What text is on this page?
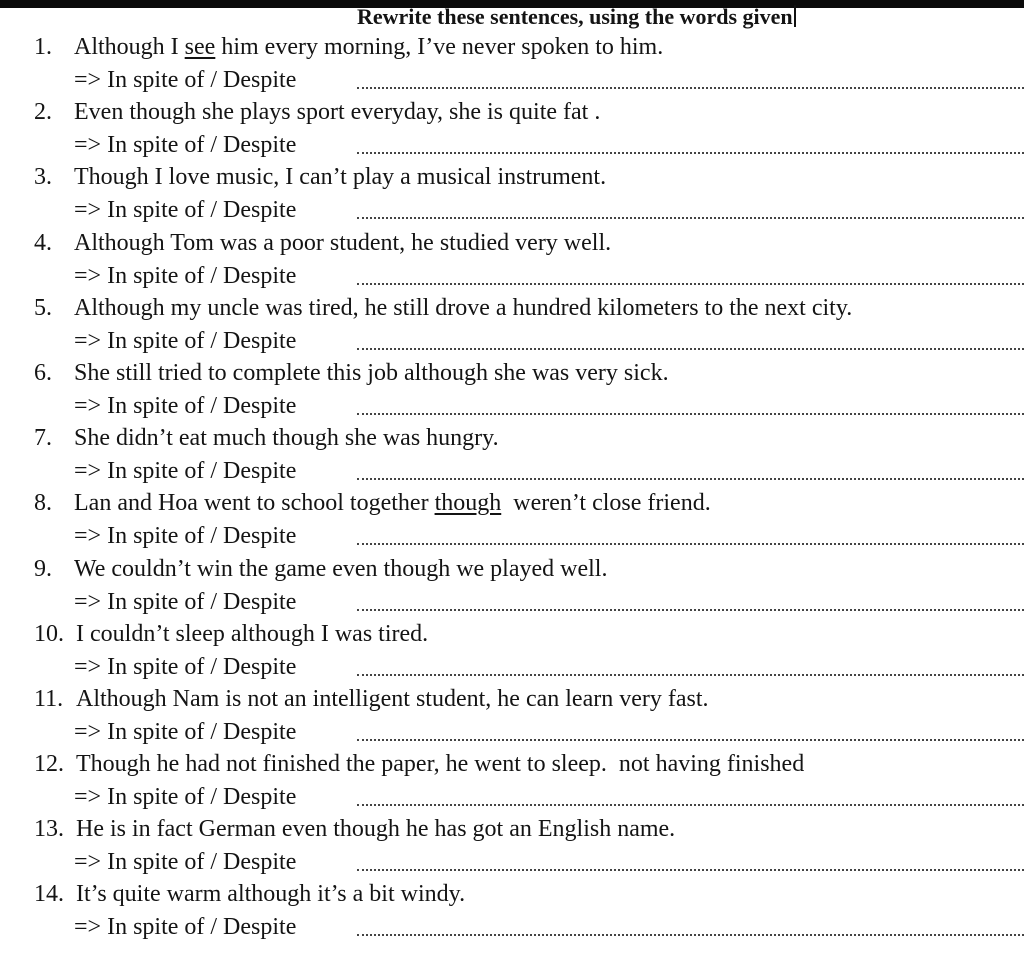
Rewrite these sentences, using the words given
1. Although I see him every morning, I’ve never spoken to him.
=> In spite of / Despite
2. Even though she plays sport everyday, she is quite fat .
=> In spite of / Despite
3. Though I love music, I can’t play a musical instrument.
=> In spite of / Despite
4. Although Tom was a poor student, he studied very well.
=> In spite of / Despite
5. Although my uncle was tired, he still drove a hundred kilometers to the next city.
=> In spite of / Despite
6. She still tried to complete this job although she was very sick.
=> In spite of / Despite
7. She didn’t eat much though she was hungry.
=> In spite of / Despite
8. Lan and Hoa went to school together though  weren’t close friend.
=> In spite of / Despite
9. We couldn’t win the game even though we played well.
=> In spite of / Despite
10. I couldn’t sleep although I was tired.
=> In spite of / Despite
11. Although Nam is not an intelligent student, he can learn very fast.
=> In spite of / Despite
12. Though he had not finished the paper, he went to sleep.  not having finished
=> In spite of / Despite
13. He is in fact German even though he has got an English name.
=> In spite of / Despite
14. It’s quite warm although it’s a bit windy.
=> In spite of / Despite
